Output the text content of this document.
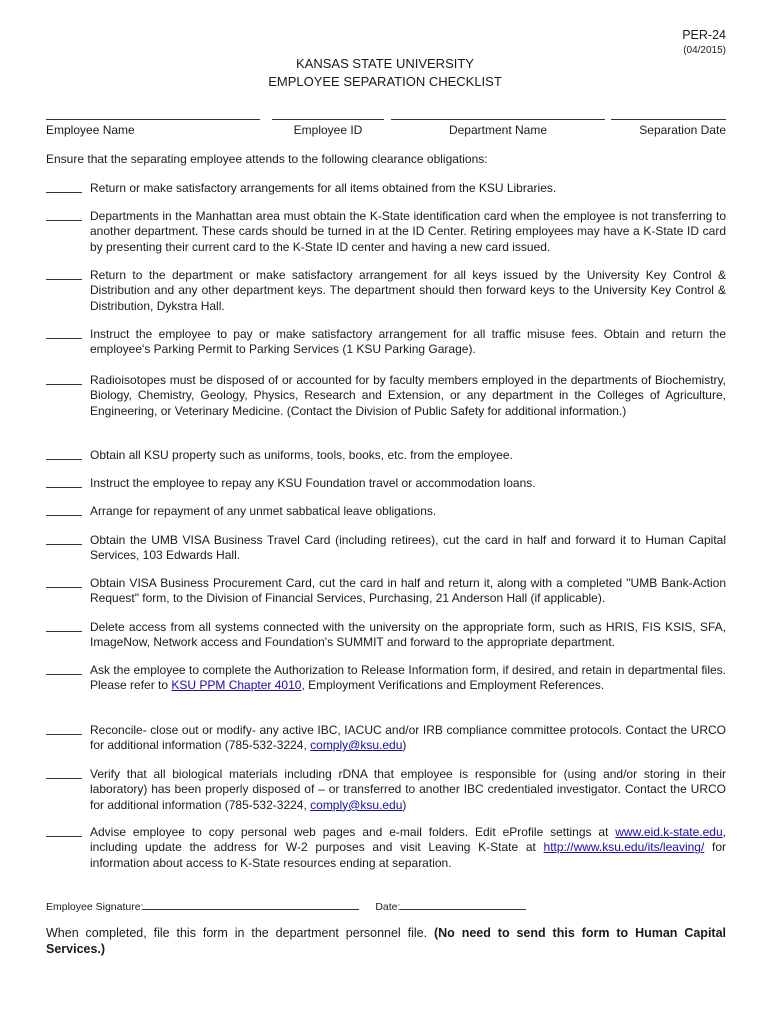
PER-24
(04/2015)
KANSAS STATE UNIVERSITY
EMPLOYEE SEPARATION CHECKLIST
Employee Name	Employee ID	Department Name	Separation Date
Ensure that the separating employee attends to the following clearance obligations:
Return or make satisfactory arrangements for all items obtained from the KSU Libraries.
Departments in the Manhattan area must obtain the K-State identification card when the employee is not transferring to another department. These cards should be turned in at the ID Center. Retiring employees may have a K-State ID card by presenting their current card to the K-State ID center and having a new card issued.
Return to the department or make satisfactory arrangement for all keys issued by the University Key Control & Distribution and any other department keys. The department should then forward keys to the University Key Control & Distribution, Dykstra Hall.
Instruct the employee to pay or make satisfactory arrangement for all traffic misuse fees. Obtain and return the employee's Parking Permit to Parking Services (1 KSU Parking Garage).
Radioisotopes must be disposed of or accounted for by faculty members employed in the departments of Biochemistry, Biology, Chemistry, Geology, Physics, Research and Extension, or any department in the Colleges of Agriculture, Engineering, or Veterinary Medicine. (Contact the Division of Public Safety for additional information.)
Obtain all KSU property such as uniforms, tools, books, etc. from the employee.
Instruct the employee to repay any KSU Foundation travel or accommodation loans.
Arrange for repayment of any unmet sabbatical leave obligations.
Obtain the UMB VISA Business Travel Card (including retirees), cut the card in half and forward it to Human Capital Services, 103 Edwards Hall.
Obtain VISA Business Procurement Card, cut the card in half and return it, along with a completed "UMB Bank-Action Request" form, to the Division of Financial Services, Purchasing, 21 Anderson Hall (if applicable).
Delete access from all systems connected with the university on the appropriate form, such as HRIS, FIS KSIS, SFA, ImageNow, Network access and Foundation's SUMMIT and forward to the appropriate department.
Ask the employee to complete the Authorization to Release Information form, if desired, and retain in departmental files. Please refer to KSU PPM Chapter 4010, Employment Verifications and Employment References.
Reconcile- close out or modify- any active IBC, IACUC and/or IRB compliance committee protocols. Contact the URCO for additional information (785-532-3224, comply@ksu.edu)
Verify that all biological materials including rDNA that employee is responsible for (using and/or storing in their laboratory) has been properly disposed of – or transferred to another IBC credentialed investigator. Contact the URCO for additional information (785-532-3224, comply@ksu.edu)
Advise employee to copy personal web pages and e-mail folders. Edit eProfile settings at www.eid.k-state.edu, including update the address for W-2 purposes and visit Leaving K-State at http://www.ksu.edu/its/leaving/ for information about access to K-State resources ending at separation.
Employee Signature:	Date:
When completed, file this form in the department personnel file. (No need to send this form to Human Capital Services.)
